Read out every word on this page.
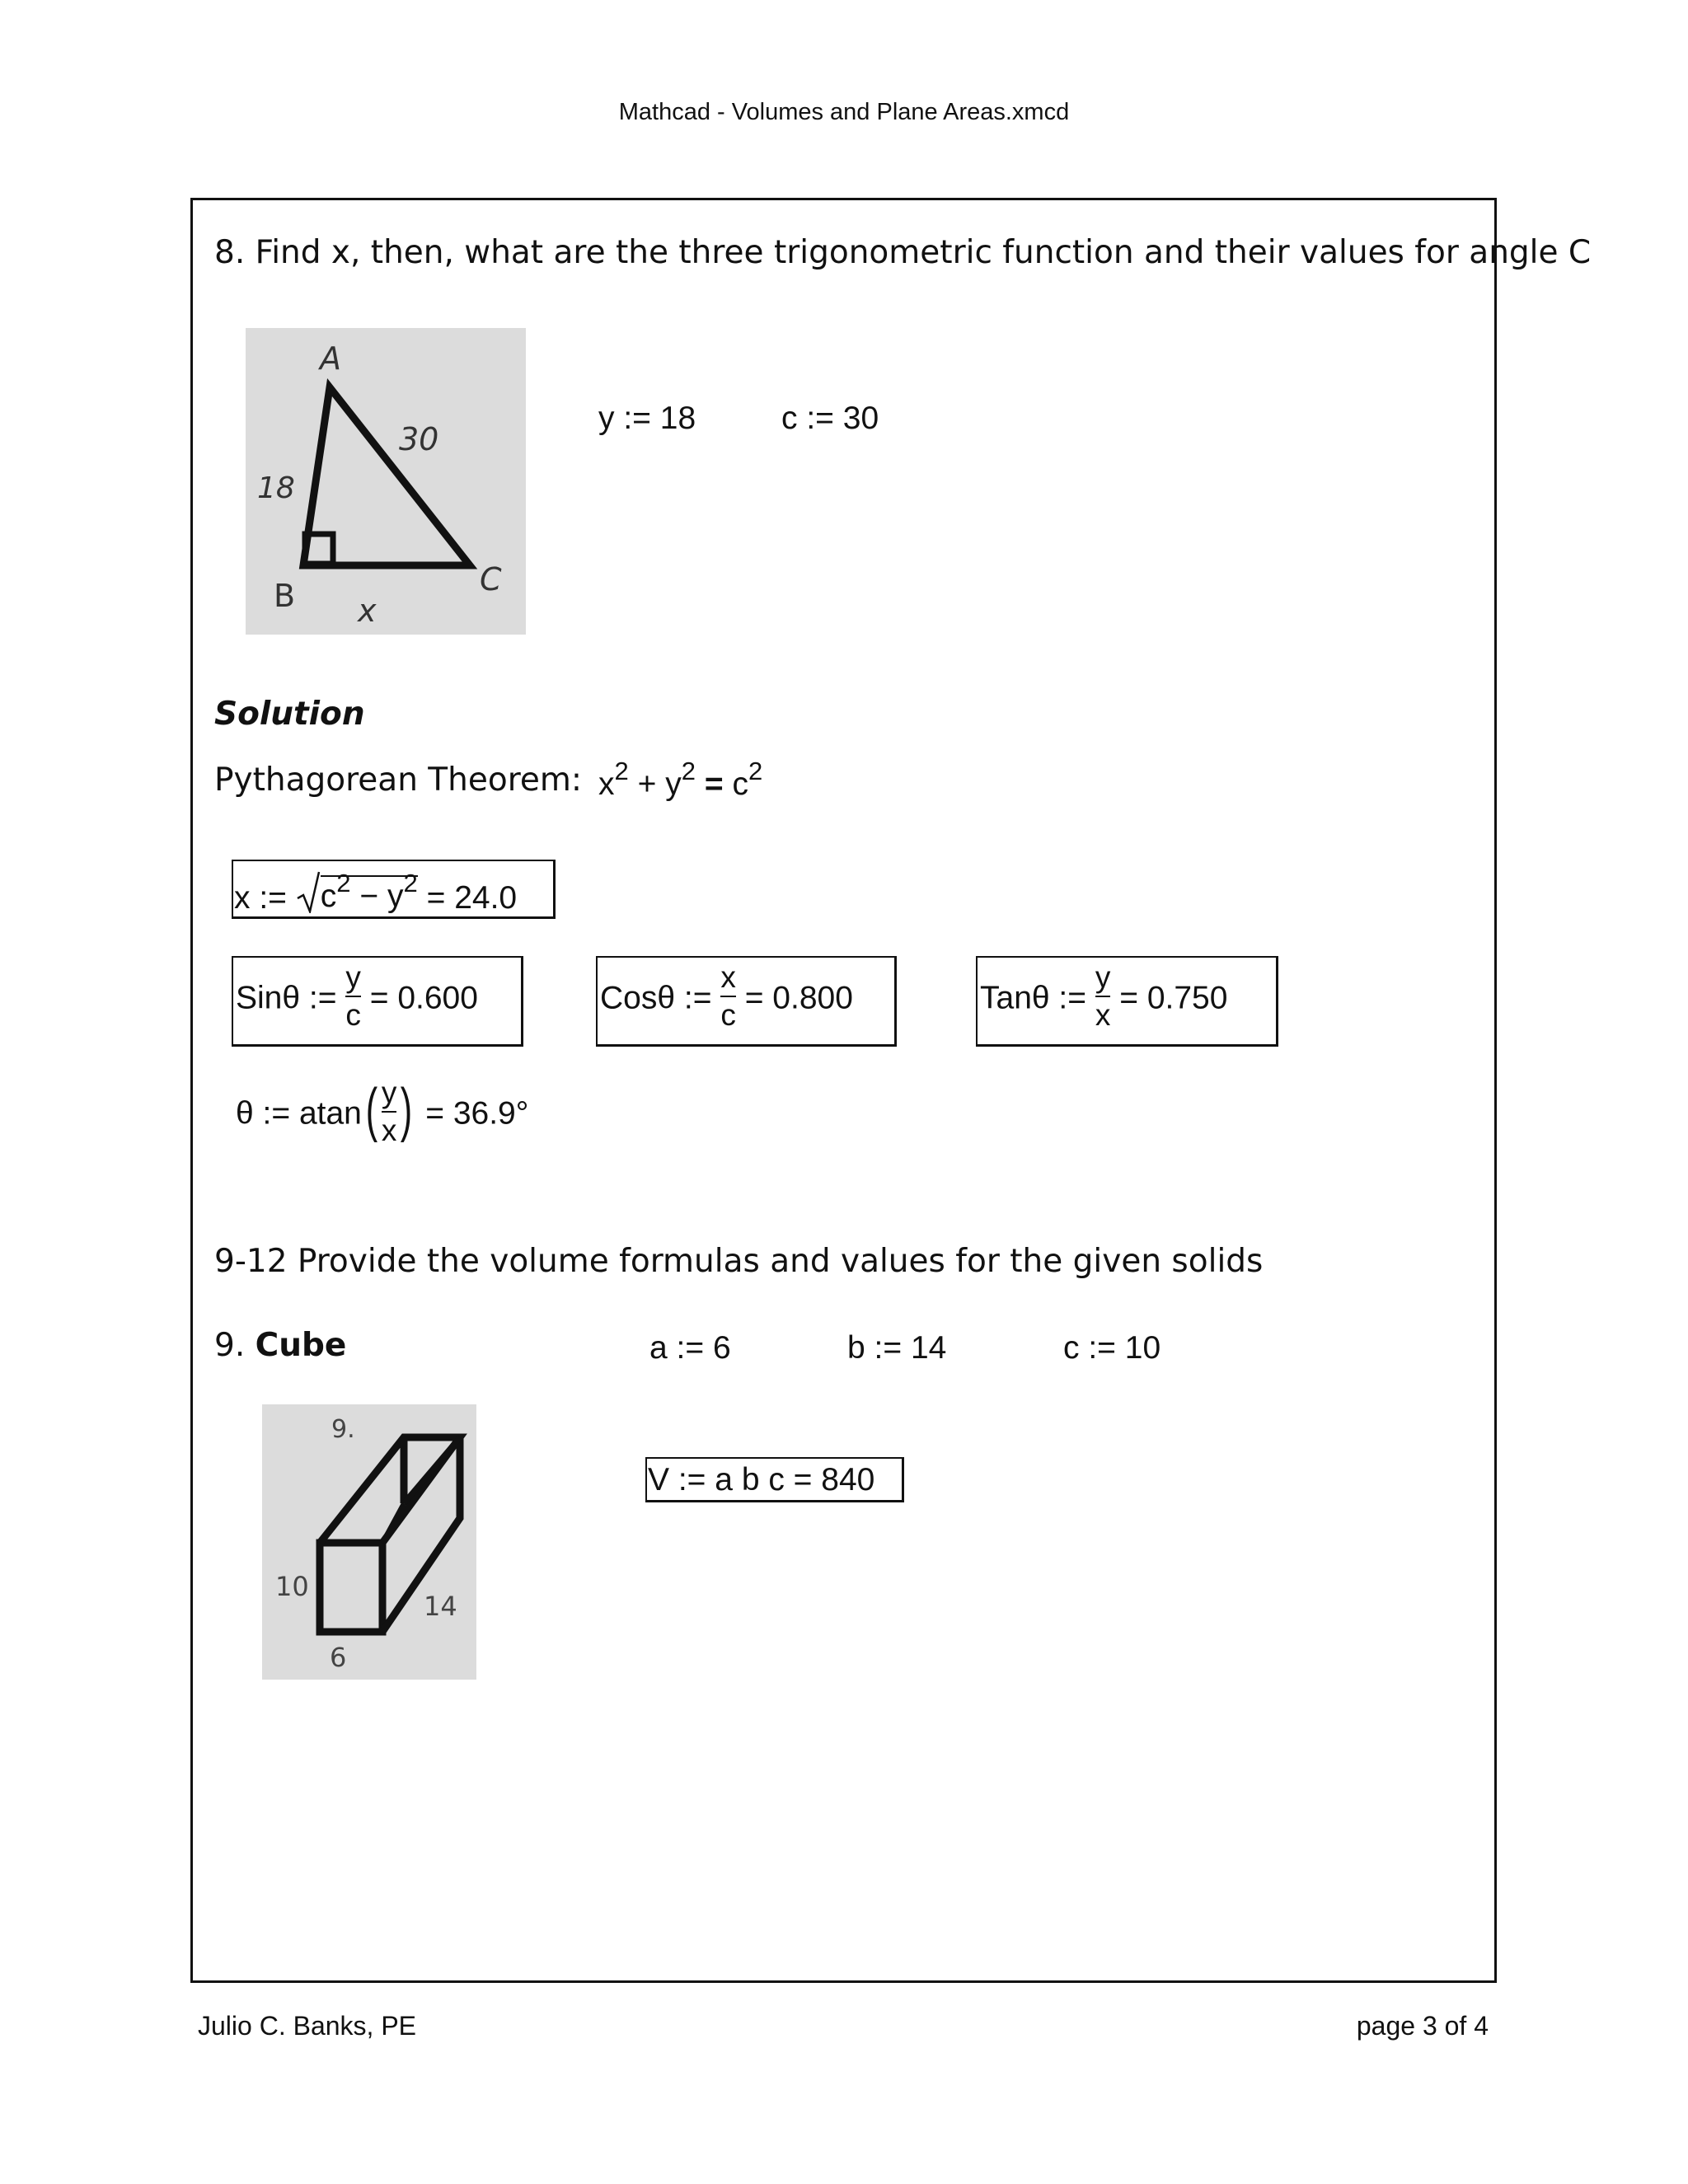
Mathcad - Volumes and Plane Areas.xmcd
8. Find x, then, what are the three trigonometric function and their values for angle C
A
30
18
B	C
x
y := 18	c := 30
Solution
Pythagorean Theorem: $x^2 + y^2 = c^2$
x := $c^2 - y^2 = 24.0$
Sinθ := $\frac{y}{c} = 0.600$	Cosθ := $\frac{x}{c} = 0.800$	Tanθ := $\frac{y}{x} = 0.750$
θ := $atan( \frac{y}{x}$ ) = 36.9°
9-12 Provide the volume formulas and values for the given solids
9. Cube	a := 6	b := 14	c := 10
9.
10
14
6
V := a b c = 840
Julio C. Banks, PE	page 3 of 4
